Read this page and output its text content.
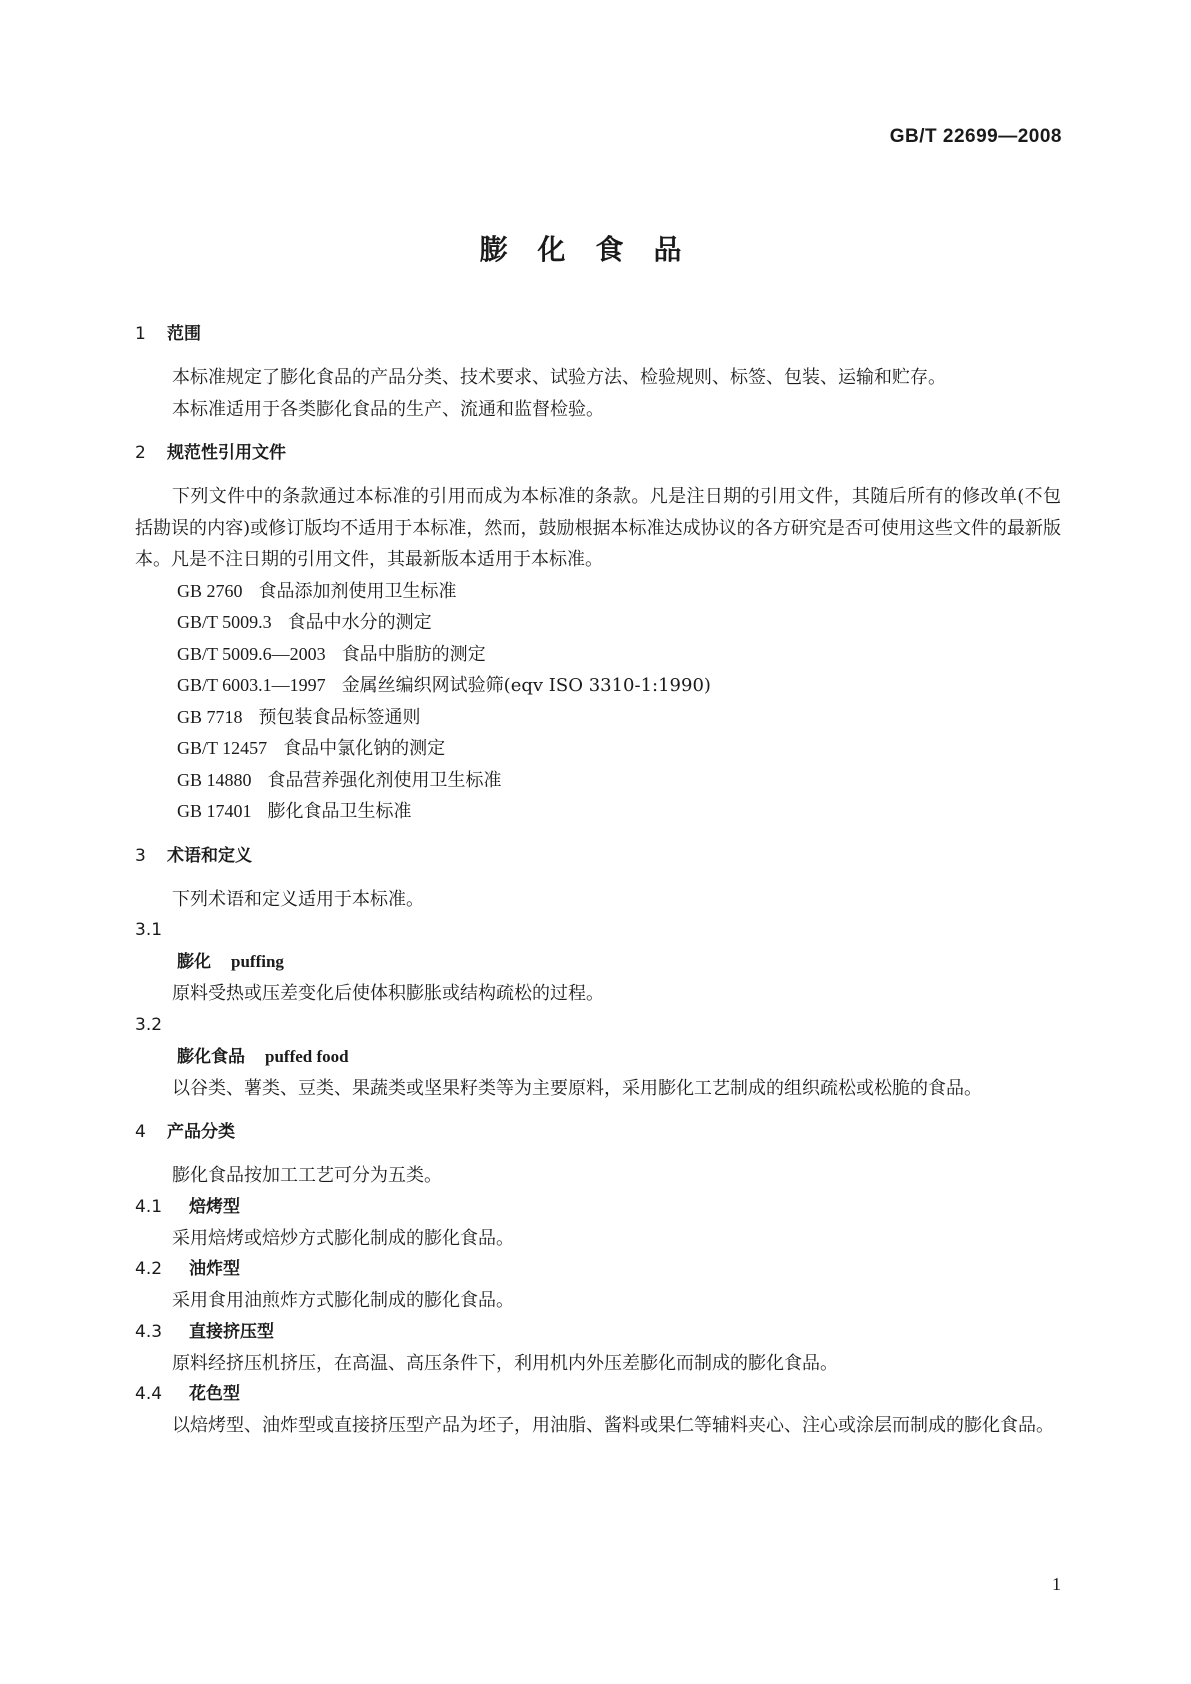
GB/T 22699—2008
膨化食品
1 范围
本标准规定了膨化食品的产品分类、技术要求、试验方法、检验规则、标签、包装、运输和贮存。
本标准适用于各类膨化食品的生产、流通和监督检验。
2 规范性引用文件
下列文件中的条款通过本标准的引用而成为本标准的条款。凡是注日期的引用文件，其随后所有的修改单(不包括勘误的内容)或修订版均不适用于本标准，然而，鼓励根据本标准达成协议的各方研究是否可使用这些文件的最新版本。凡是不注日期的引用文件，其最新版本适用于本标准。
GB 2760 食品添加剂使用卫生标准
GB/T 5009.3 食品中水分的测定
GB/T 5009.6—2003 食品中脂肪的测定
GB/T 6003.1—1997 金属丝编织网试验筛(eqv ISO 3310-1:1990)
GB 7718 预包装食品标签通则
GB/T 12457 食品中氯化钠的测定
GB 14880 食品营养强化剂使用卫生标准
GB 17401 膨化食品卫生标准
3 术语和定义
下列术语和定义适用于本标准。
3.1
膨化 puffing
原料受热或压差变化后使体积膨胀或结构疏松的过程。
3.2
膨化食品 puffed food
以谷类、薯类、豆类、果蔬类或坚果籽类等为主要原料，采用膨化工艺制成的组织疏松或松脆的食品。
4 产品分类
膨化食品按加工工艺可分为五类。
4.1 焙烤型
采用焙烤或焙炒方式膨化制成的膨化食品。
4.2 油炸型
采用食用油煎炸方式膨化制成的膨化食品。
4.3 直接挤压型
原料经挤压机挤压，在高温、高压条件下，利用机内外压差膨化而制成的膨化食品。
4.4 花色型
以焙烤型、油炸型或直接挤压型产品为坯子，用油脂、酱料或果仁等辅料夹心、注心或涂层而制成的膨化食品。
1
